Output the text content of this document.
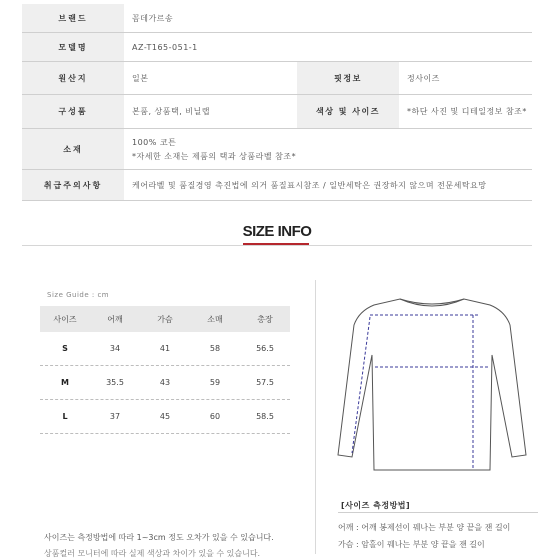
브랜드	꼼데가르송
모델명	AZ-T165-051-1
원산지	일본	핏정보	정사이즈
구성품	본품, 상품택, 비닐랩	색상 및 사이즈	*하단 사진 및 디테일정보 참조*
소재
100% 코튼
*자세한 소재는 제품의 택과 상품라벨 참조*
취급주의사항	케어라벨 및 품질경영 촉진법에 의거 품질표시참조 / 일반세탁은 권장하지 않으며 전문세탁요망
SIZE INFO
Size Guide : cm
사이즈	어깨	가슴	소매	총장
S	34	41	58	56.5
M	35.5	43	59	57.5
L	37	45	60	58.5
[사이즈 측정방법]
어깨 : 어깨 봉제선이 꿰나는 부분 양 끝을 잰 길이
가슴 : 암홀이 꿰나는 부분 양 끝을 잰 길이
사이즈는 측정방법에 따라 1~3cm 정도 오차가 있을 수 있습니다.
상품컬러 모니터에 따라 실제 색상과 차이가 있을 수 있습니다.
